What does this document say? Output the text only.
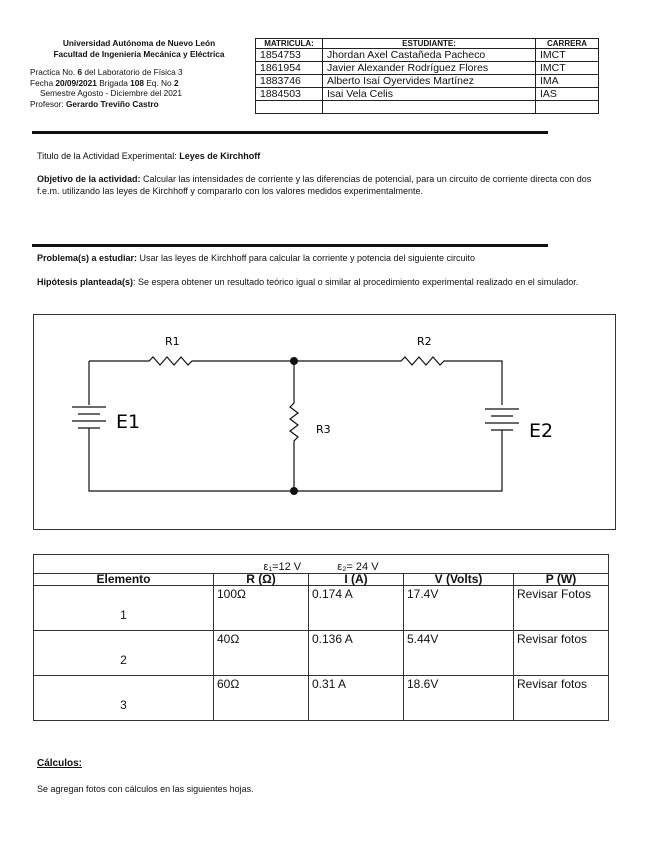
Universidad Autónoma de Nuevo León
Facultad de Ingeniería Mecánica y Eléctrica
Practica No. 6 del Laboratorio de Física 3
Fecha 20/09/2021 Brigada 108 Eq. No 2
Semestre Agosto - Diciembre del 2021
Profesor: Gerardo Treviño Castro
MATRICULA:	ESTUDIANTE:	CARRERA
1854753	Jhordan Axel Castañeda Pacheco	IMCT
1861954	Javier Alexander Rodríguez Flores	IMCT
1883746	Alberto Isaí Oyervides Martínez	IMA
1884503	Isai Vela Celis	IAS

Titulo de la Actividad Experimental: Leyes de Kirchhoff
Objetivo de la actividad: Calcular las intensidades de corriente y las diferencias de potencial, para un circuito de corriente directa con dos f.e.m. utilizando las leyes de Kirchhoff y compararlo con los valores medidos experimentalmente.
Problema(s) a estudiar: Usar las leyes de Kirchhoff para calcular la corriente y potencia del siguiente circuito
Hipótesis planteada(s): Se espera obtener un resultado teórico igual o similar al procedimiento experimental realizado en el simulador.
R1	R2
R3
E1	E2
ε₁=12 V ε₂= 24 V				
Elemento	R (Ω)	I (A)	V (Volts)	P (W)
1	100Ω	0.174 A	17.4V	Revisar Fotos
2	40Ω	0.136 A	5.44V	Revisar fotos
3	60Ω	0.31 A	18.6V	Revisar fotos
Cálculos:
Se agregan fotos con cálculos en las siguientes hojas.
